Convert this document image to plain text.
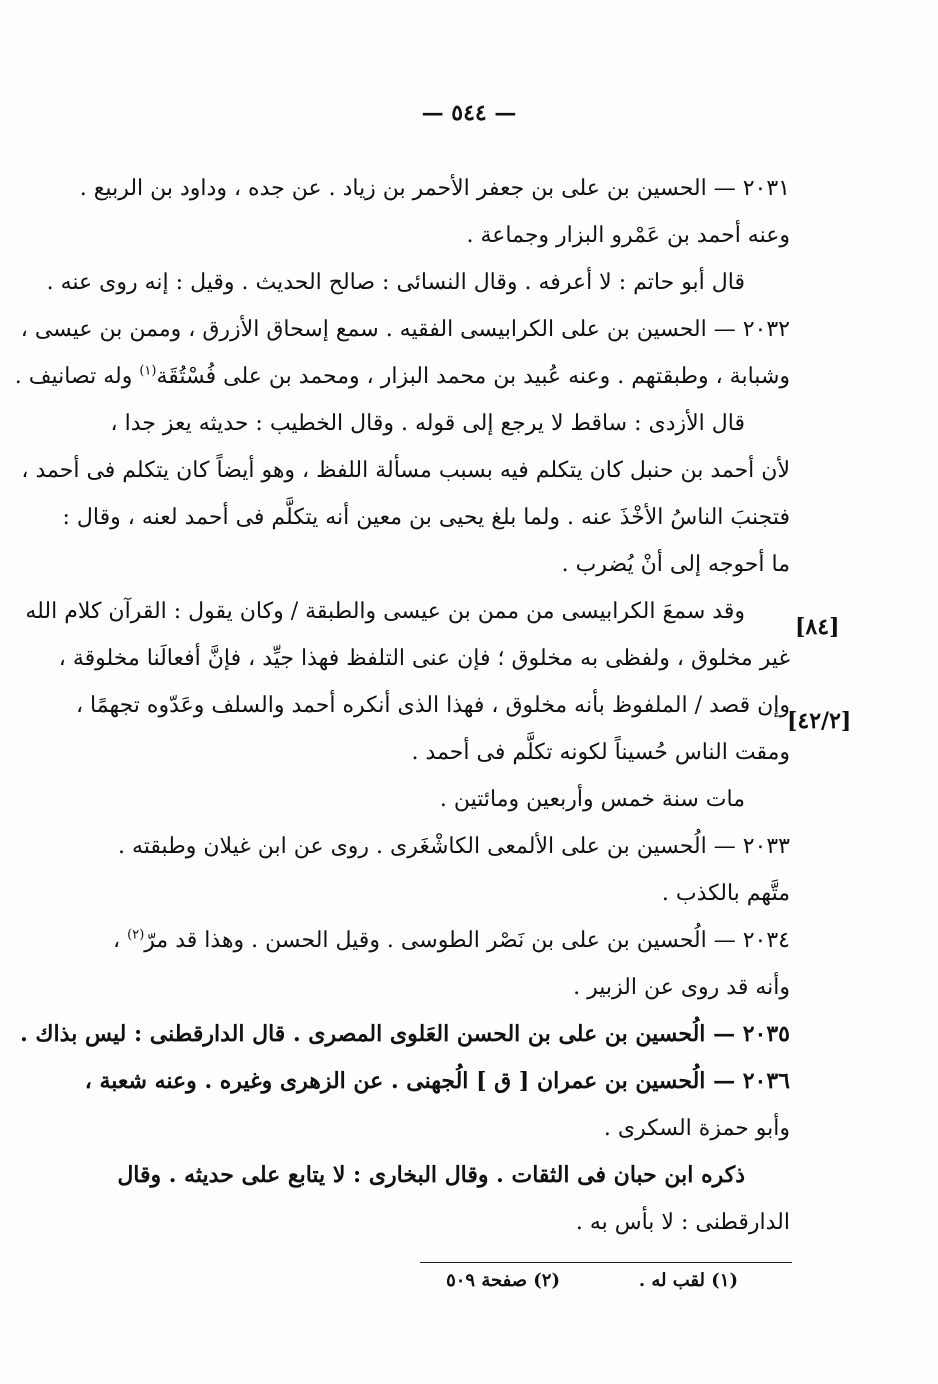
— ٥٤٤ —
٢٠٣١ — الحسين بن على بن جعفر الأحمر بن زياد . عن جده ، وداود بن الربيع .
وعنه أحمد بن عَمْرو البزار وجماعة .
قال أبو حاتم : لا أعرفه . وقال النسائى : صالح الحديث . وقيل : إنه روى عنه .
٢٠٣٢ — الحسين بن على الكرابيسى الفقيه . سمع إسحاق الأزرق ، وممن بن عيسى ،
وشبابة ، وطبقتهم . وعنه عُبيد بن محمد البزار ، ومحمد بن على فُسْتُقَة$^{(١)}$ وله تصانيف .
قال الأزدى : ساقط لا يرجع إلى قوله . وقال الخطيب : حديثه يعز جدا ،
لأن أحمد بن حنبل كان يتكلم فيه بسبب مسألة اللفظ ، وهو أيضاً كان يتكلم فى أحمد ،
فتجنبَ الناسُ الأخْذَ عنه . ولما بلغ يحيى بن معين أنه يتكلَّم فى أحمد لعنه ، وقال :
ما أحوجه إلى أنْ يُضرب .
وقد سمعَ الكرابيسى من ممن بن عيسى والطبقة / وكان يقول : القرآن كلام الله
غير مخلوق ، ولفظى به مخلوق ؛ فإن عنى التلفظ فهذا جيِّد ، فإنَّ أفعالَنا مخلوقة ،
وإن قصد / الملفوظ بأنه مخلوق ، فهذا الذى أنكره أحمد والسلف وعَدّوه تجهمًا ،
ومقت الناس حُسيناً لكونه تكلَّم فى أحمد .
مات سنة خمس وأربعين ومائتين .
٢٠٣٣ — الُحسين بن على الألمعى الكاشْغَرى . روى عن ابن غيلان وطبقته .
متَّهم بالكذب .
٢٠٣٤ — الُحسين بن على بن نَصْر الطوسى . وقيل الحسن . وهذا قد مرّ$^{(٢)}$ ،
وأنه قد روى عن الزبير .
٢٠٣٥ — الُحسين بن على بن الحسن العَلوى المصرى . قال الدارقطنى : ليس بذاك .
٢٠٣٦ — الُحسين بن عمران [ ق ] الُجهنى . عن الزهرى وغيره . وعنه شعبة ،
وأبو حمزة السكرى .
ذكره ابن حبان فى الثقات . وقال البخارى : لا يتابع على حديثه . وقال
الدارقطنى : لا بأس به .
[٨٤]
[٤٢/٢]
(١) لقب له .
(٢) صفحة ٥٠٩
